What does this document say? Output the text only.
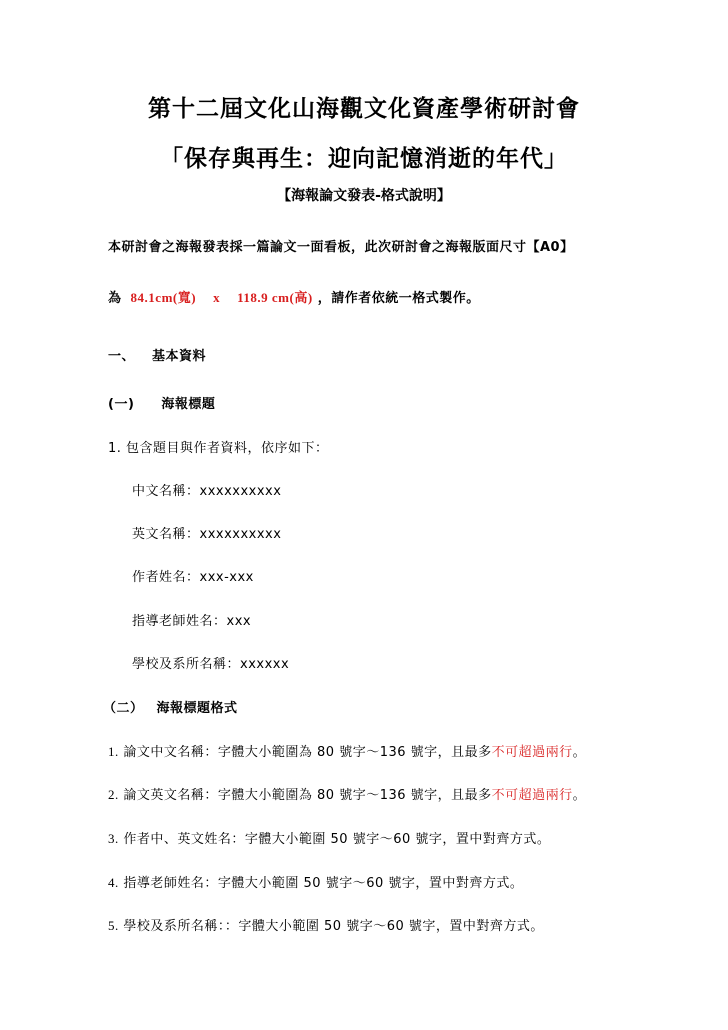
第十二屆文化山海觀文化資產學術研討會
「保存與再生：迎向記憶消逝的年代」
【海報論文發表-格式說明】
本研討會之海報發表採一篇論文一面看板，此次研討會之海報版面尺寸【A0】
為 84.1cm(寬) x 118.9 cm(高) ，請作者依統一格式製作。
一、 基本資料
(一) 海報標題
1. 包含題目與作者資料，依序如下：
中文名稱：xxxxxxxxxx
英文名稱：xxxxxxxxxx
作者姓名：xxx-xxx
指導老師姓名：xxx
學校及系所名稱：xxxxxx
（二） 海報標題格式
1. 論文中文名稱：字體大小範圍為 80 號字～136 號字，且最多不可超過兩行。
2. 論文英文名稱：字體大小範圍為 80 號字～136 號字，且最多不可超過兩行。
3. 作者中、英文姓名：字體大小範圍 50 號字～60 號字，置中對齊方式。
4. 指導老師姓名：字體大小範圍 50 號字～60 號字，置中對齊方式。
5. 學校及系所名稱：：字體大小範圍 50 號字～60 號字，置中對齊方式。
